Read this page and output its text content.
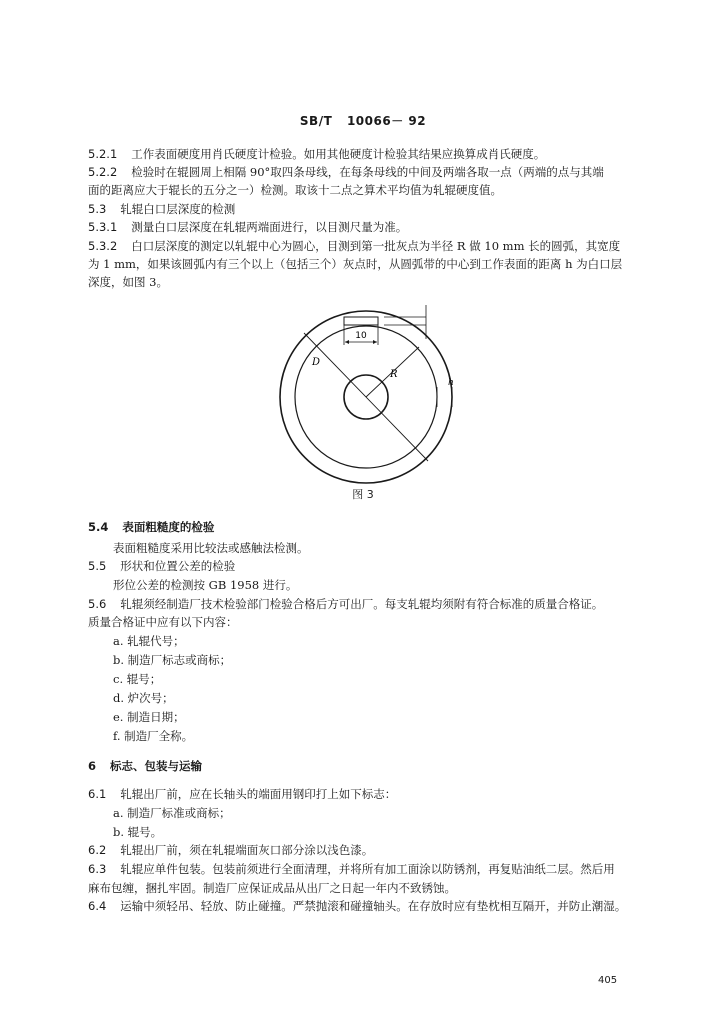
SB/T 10066－ 92
5.2.1 工作表面硬度用肖氏硬度计检验。如用其他硬度计检验其结果应换算成肖氏硬度。
5.2.2 检验时在辊圆周上相隔 90°取四条母线，在每条母线的中间及两端各取一点（两端的点与其端
面的距离应大于辊长的五分之一）检测。取该十二点之算术平均值为轧辊硬度值。
5.3 轧辊白口层深度的检测
5.3.1 测量白口层深度在轧辊两端面进行，以目测尺量为准。
5.3.2 白口层深度的测定以轧辊中心为圆心，目测到第一批灰点为半径 R 做 10 mm 长的圆弧，其宽度
为 1 mm，如果该圆弧内有三个以上（包括三个）灰点时，从圆弧带的中心到工作表面的距离 h 为白口层
深度，如图 3。
10
D
R
h
图 3
5.4 表面粗糙度的检验
表面粗糙度采用比较法或感触法检测。
5.5 形状和位置公差的检验
形位公差的检测按 GB 1958 进行。
5.6 轧辊须经制造厂技术检验部门检验合格后方可出厂。每支轧辊均须附有符合标准的质量合格证。
质量合格证中应有以下内容：
a. 轧辊代号；
b. 制造厂标志或商标；
c. 辊号；
d. 炉次号；
e. 制造日期；
f. 制造厂全称。
6 标志、包装与运输
6.1 轧辊出厂前，应在长轴头的端面用钢印打上如下标志：
a. 制造厂标准或商标；
b. 辊号。
6.2 轧辊出厂前，须在轧辊端面灰口部分涂以浅色漆。
6.3 轧辊应单件包装。包装前须进行全面清理，并将所有加工面涂以防锈剂，再复贴油纸二层。然后用
麻布包缠，捆扎牢固。制造厂应保证成品从出厂之日起一年内不致锈蚀。
6.4 运输中须轻吊、轻放、防止碰撞。严禁抛滚和碰撞轴头。在存放时应有垫枕相互隔开，并防止潮湿。
405
